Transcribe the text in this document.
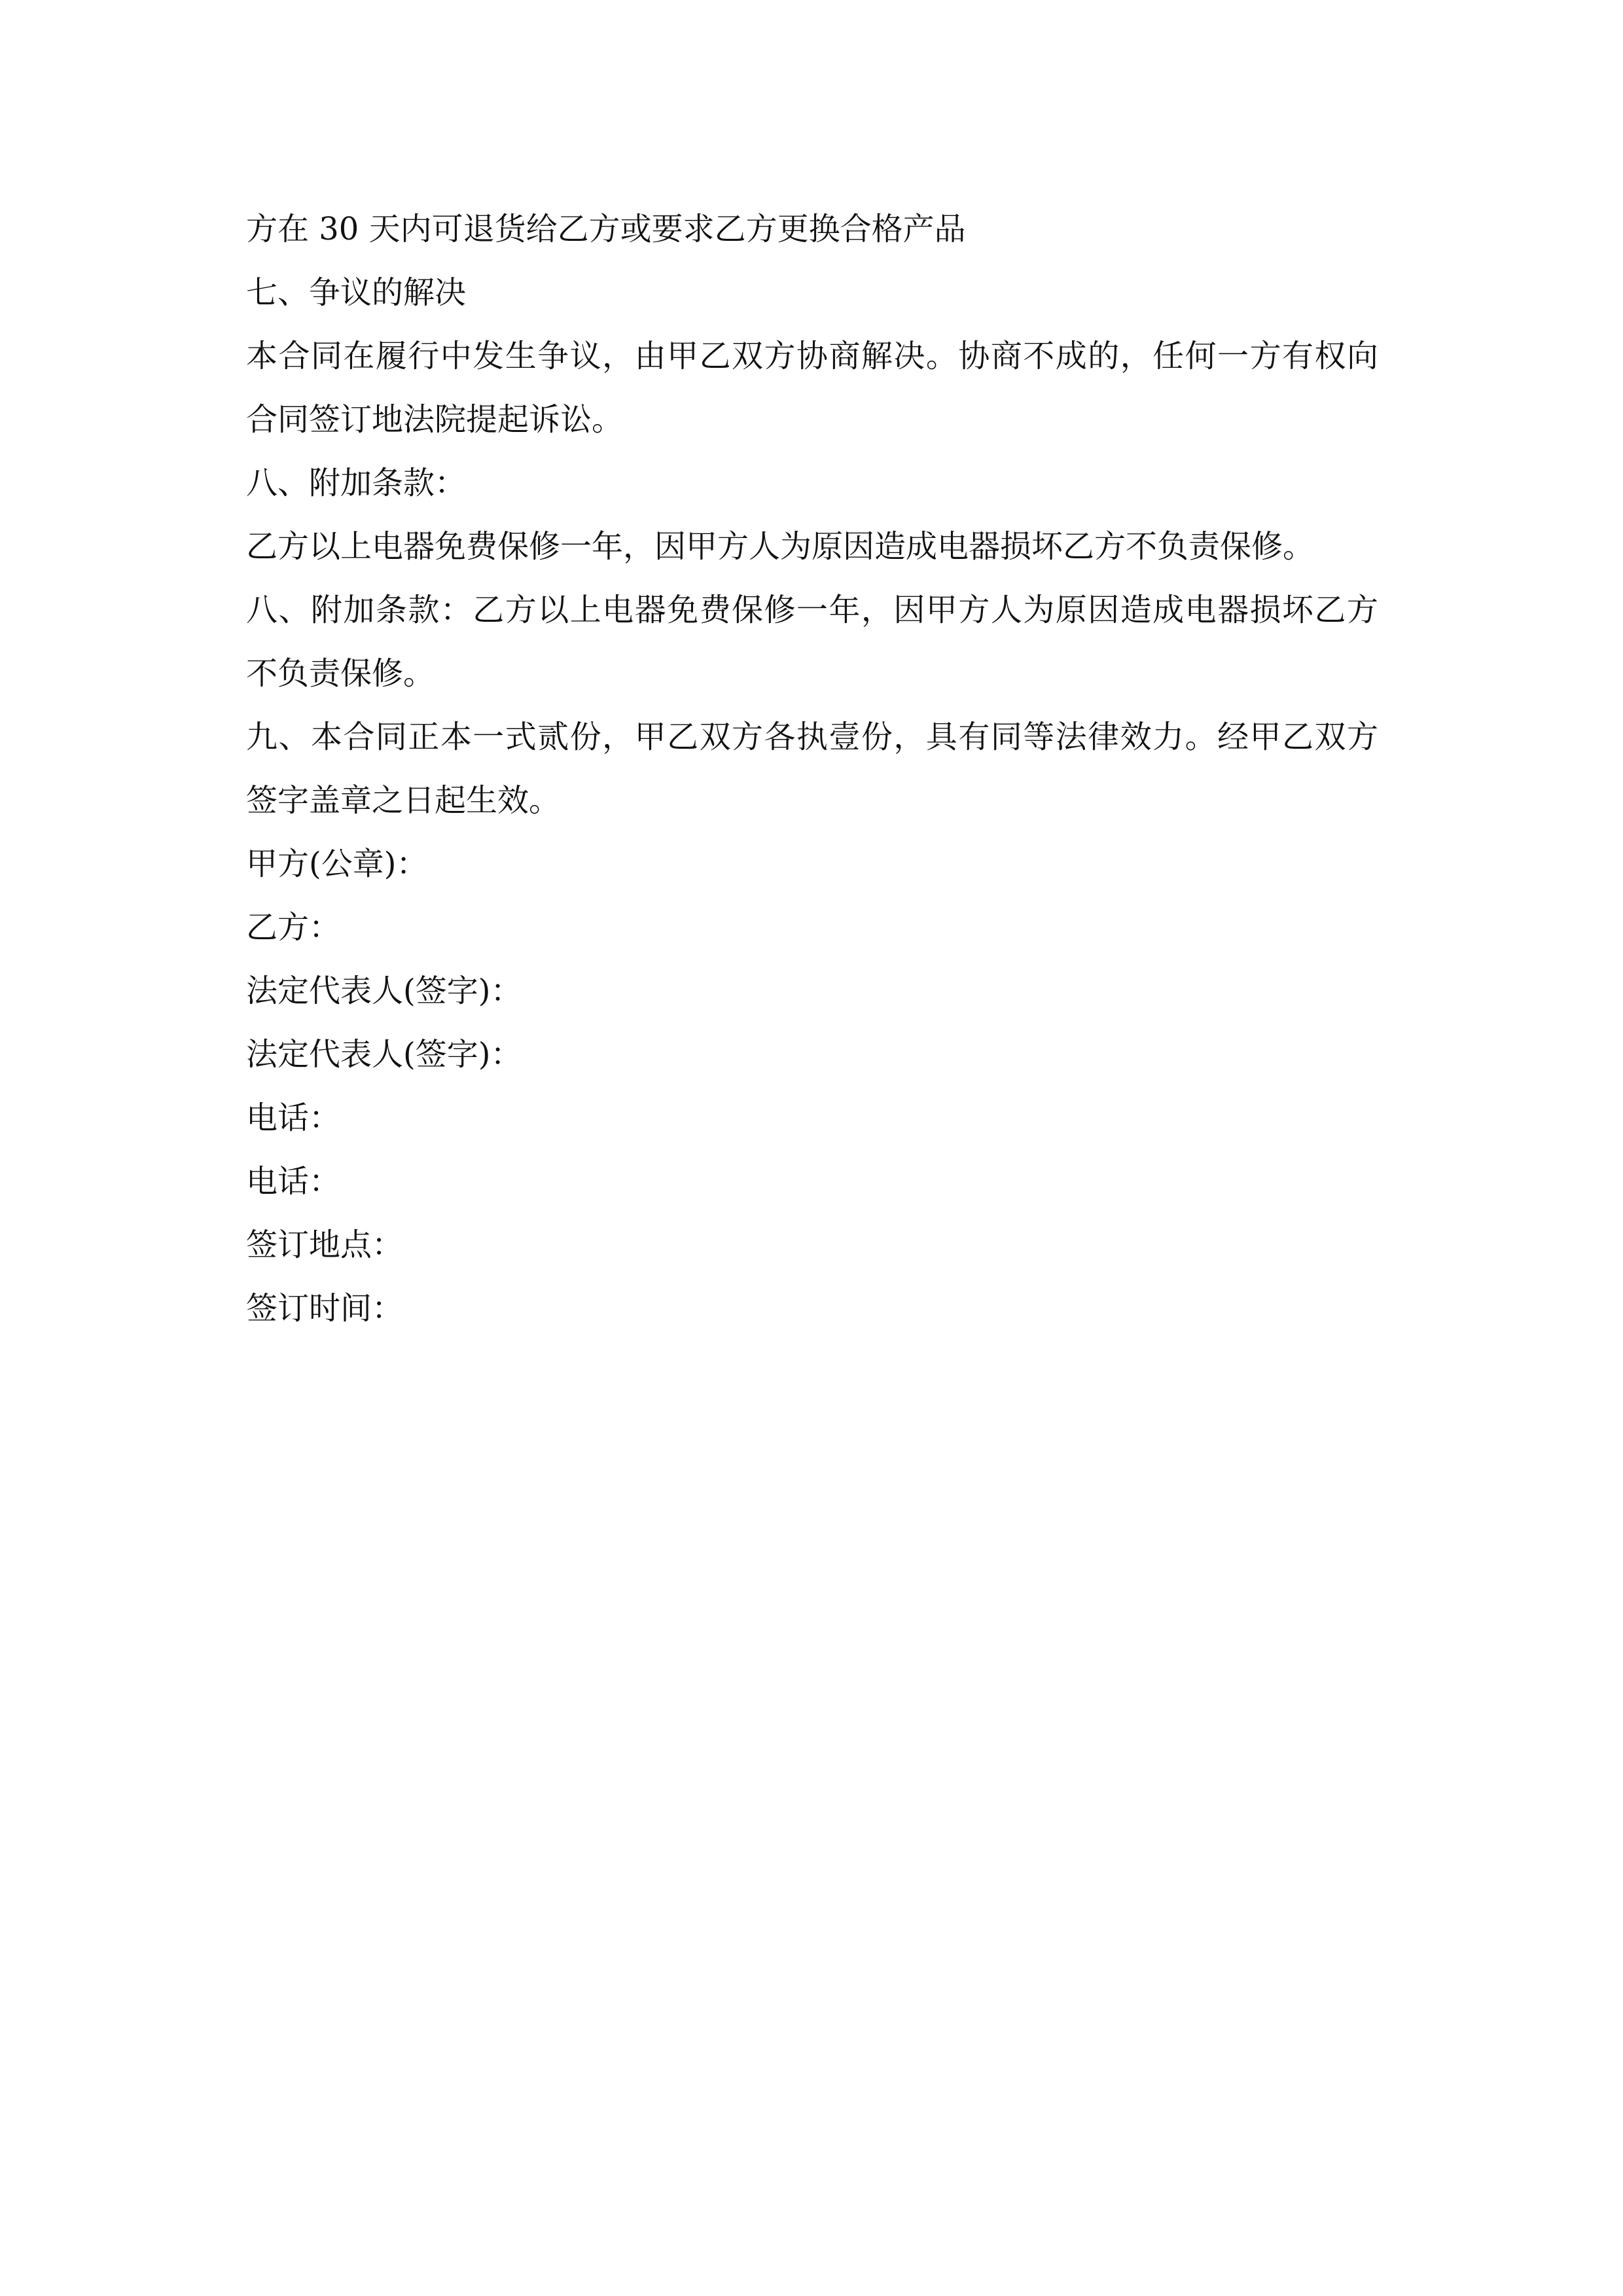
方在 30 天内可退货给乙方或要求乙方更换合格产品
七、争议的解决
本合同在履行中发生争议，由甲乙双方协商解决。协商不成的，任何一方有权向
合同签订地法院提起诉讼。
八、附加条款：
乙方以上电器免费保修一年，因甲方人为原因造成电器损坏乙方不负责保修。
八、附加条款：乙方以上电器免费保修一年，因甲方人为原因造成电器损坏乙方
不负责保修。
九、本合同正本一式贰份，甲乙双方各执壹份，具有同等法律效力。经甲乙双方
签字盖章之日起生效。
甲方(公章)：
乙方：
法定代表人(签字)：
法定代表人(签字)：
电话：
电话：
签订地点：
签订时间：
